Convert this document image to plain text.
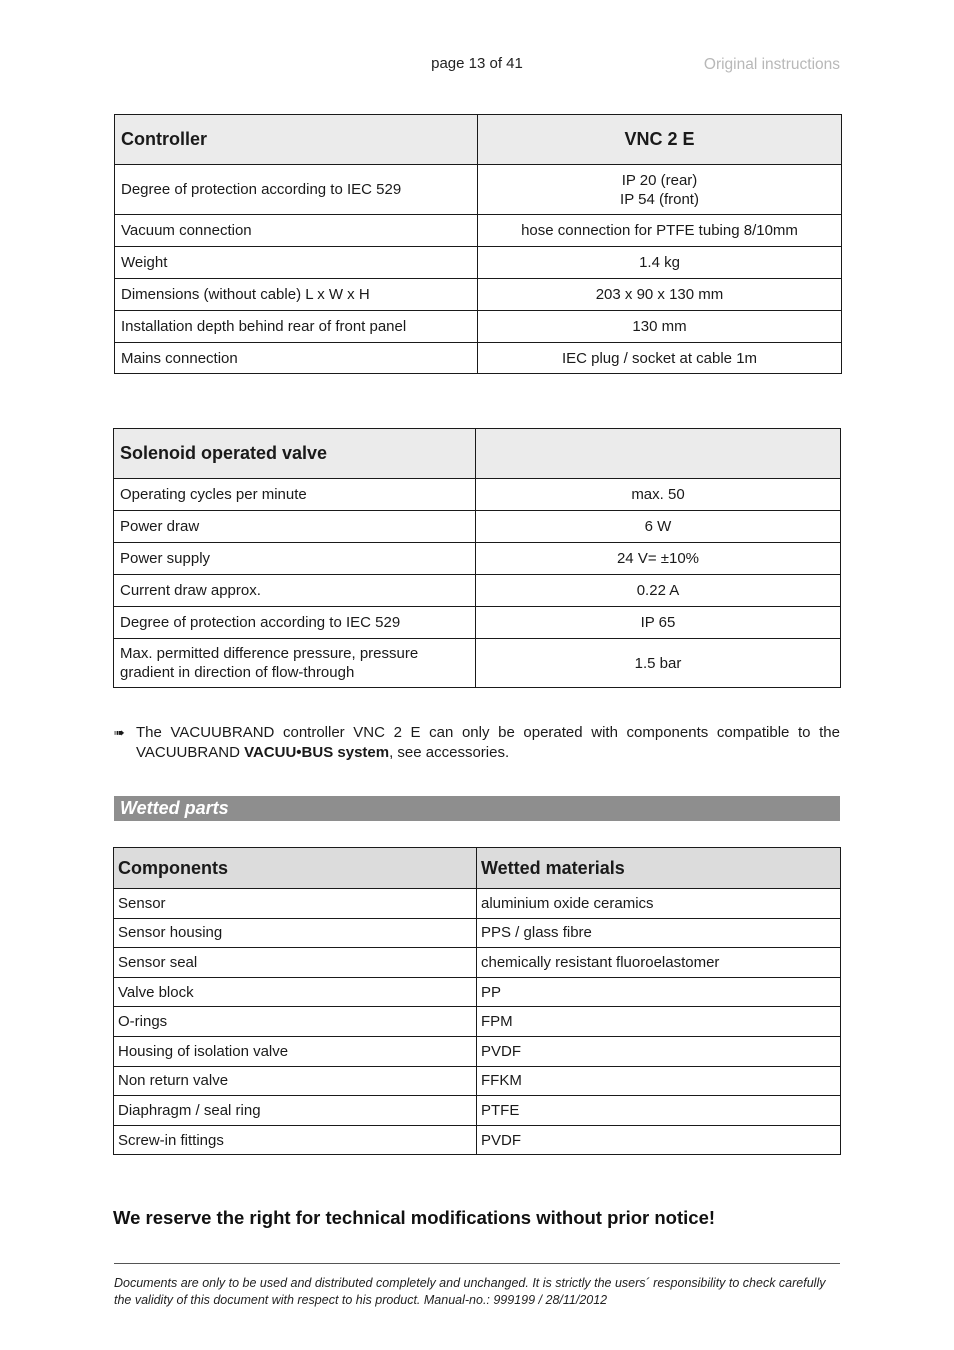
page 13 of 41	Original instructions
Controller	VNC 2 E
Degree of protection according to IEC 529	IP 20 (rear)
IP 54 (front)

Vacuum connection	hose connection for PTFE tubing 8/10mm
Weight	1.4 kg
Dimensions (without cable) L x W x H	203 x 90 x 130 mm
Installation depth behind rear of front panel	130 mm
Mains connection	IEC plug / socket at cable 1m
Solenoid operated valve	
Operating cycles per minute	max. 50
Power draw	6 W
Power supply	24 V= ±10%
Current draw approx.	0.22 A
Degree of protection according to IEC 529	IP 65

Max. permitted difference pressure, pressure
gradient in direction of flow-through	1.5 bar
➠ The VACUUBRAND controller VNC 2 E can only be operated with components compatible to the VACUUBRAND VACUU•BUS system, see accessories.
Wetted parts
Components	Wetted materials
Sensor	aluminium oxide ceramics
Sensor housing	PPS / glass fibre
Sensor seal	chemically resistant fluoroelastomer
Valve block	PP
O-rings	FPM
Housing of isolation valve	PVDF
Non return valve	FFKM
Diaphragm / seal ring	PTFE
Screw-in fittings	PVDF
We reserve the right for technical modifications without prior notice!
Documents are only to be used and distributed completely and unchanged. It is strictly the users´ responsibility to check carefully the validity of this document with respect to his product. Manual-no.: 999199 / 28/11/2012
